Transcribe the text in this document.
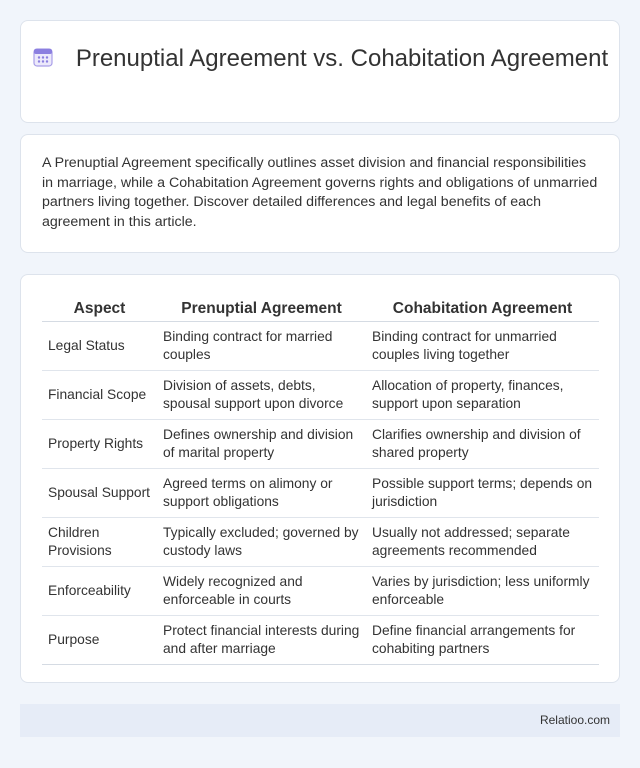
Prenuptial Agreement vs. Cohabitation Agreement

A Prenuptial Agreement specifically outlines asset division and financial responsibilities in marriage, while a Cohabitation Agreement governs rights and obligations of unmarried partners living together. Discover detailed differences and legal benefits of each agreement in this article.

Aspect	Prenuptial Agreement	Cohabitation Agreement
Legal Status	Binding contract for married couples	Binding contract for unmarried couples living together
Financial Scope	Division of assets, debts, spousal support upon divorce	Allocation of property, finances, support upon separation
Property Rights	Defines ownership and division of marital property	Clarifies ownership and division of shared property
Spousal Support	Agreed terms on alimony or support obligations	Possible support terms; depends on jurisdiction
Children Provisions	Typically excluded; governed by custody laws	Usually not addressed; separate agreements recommended
Enforceability	Widely recognized and enforceable in courts	Varies by jurisdiction; less uniformly enforceable
Purpose	Protect financial interests during and after marriage	Define financial arrangements for cohabiting partners
Relatioo.com
